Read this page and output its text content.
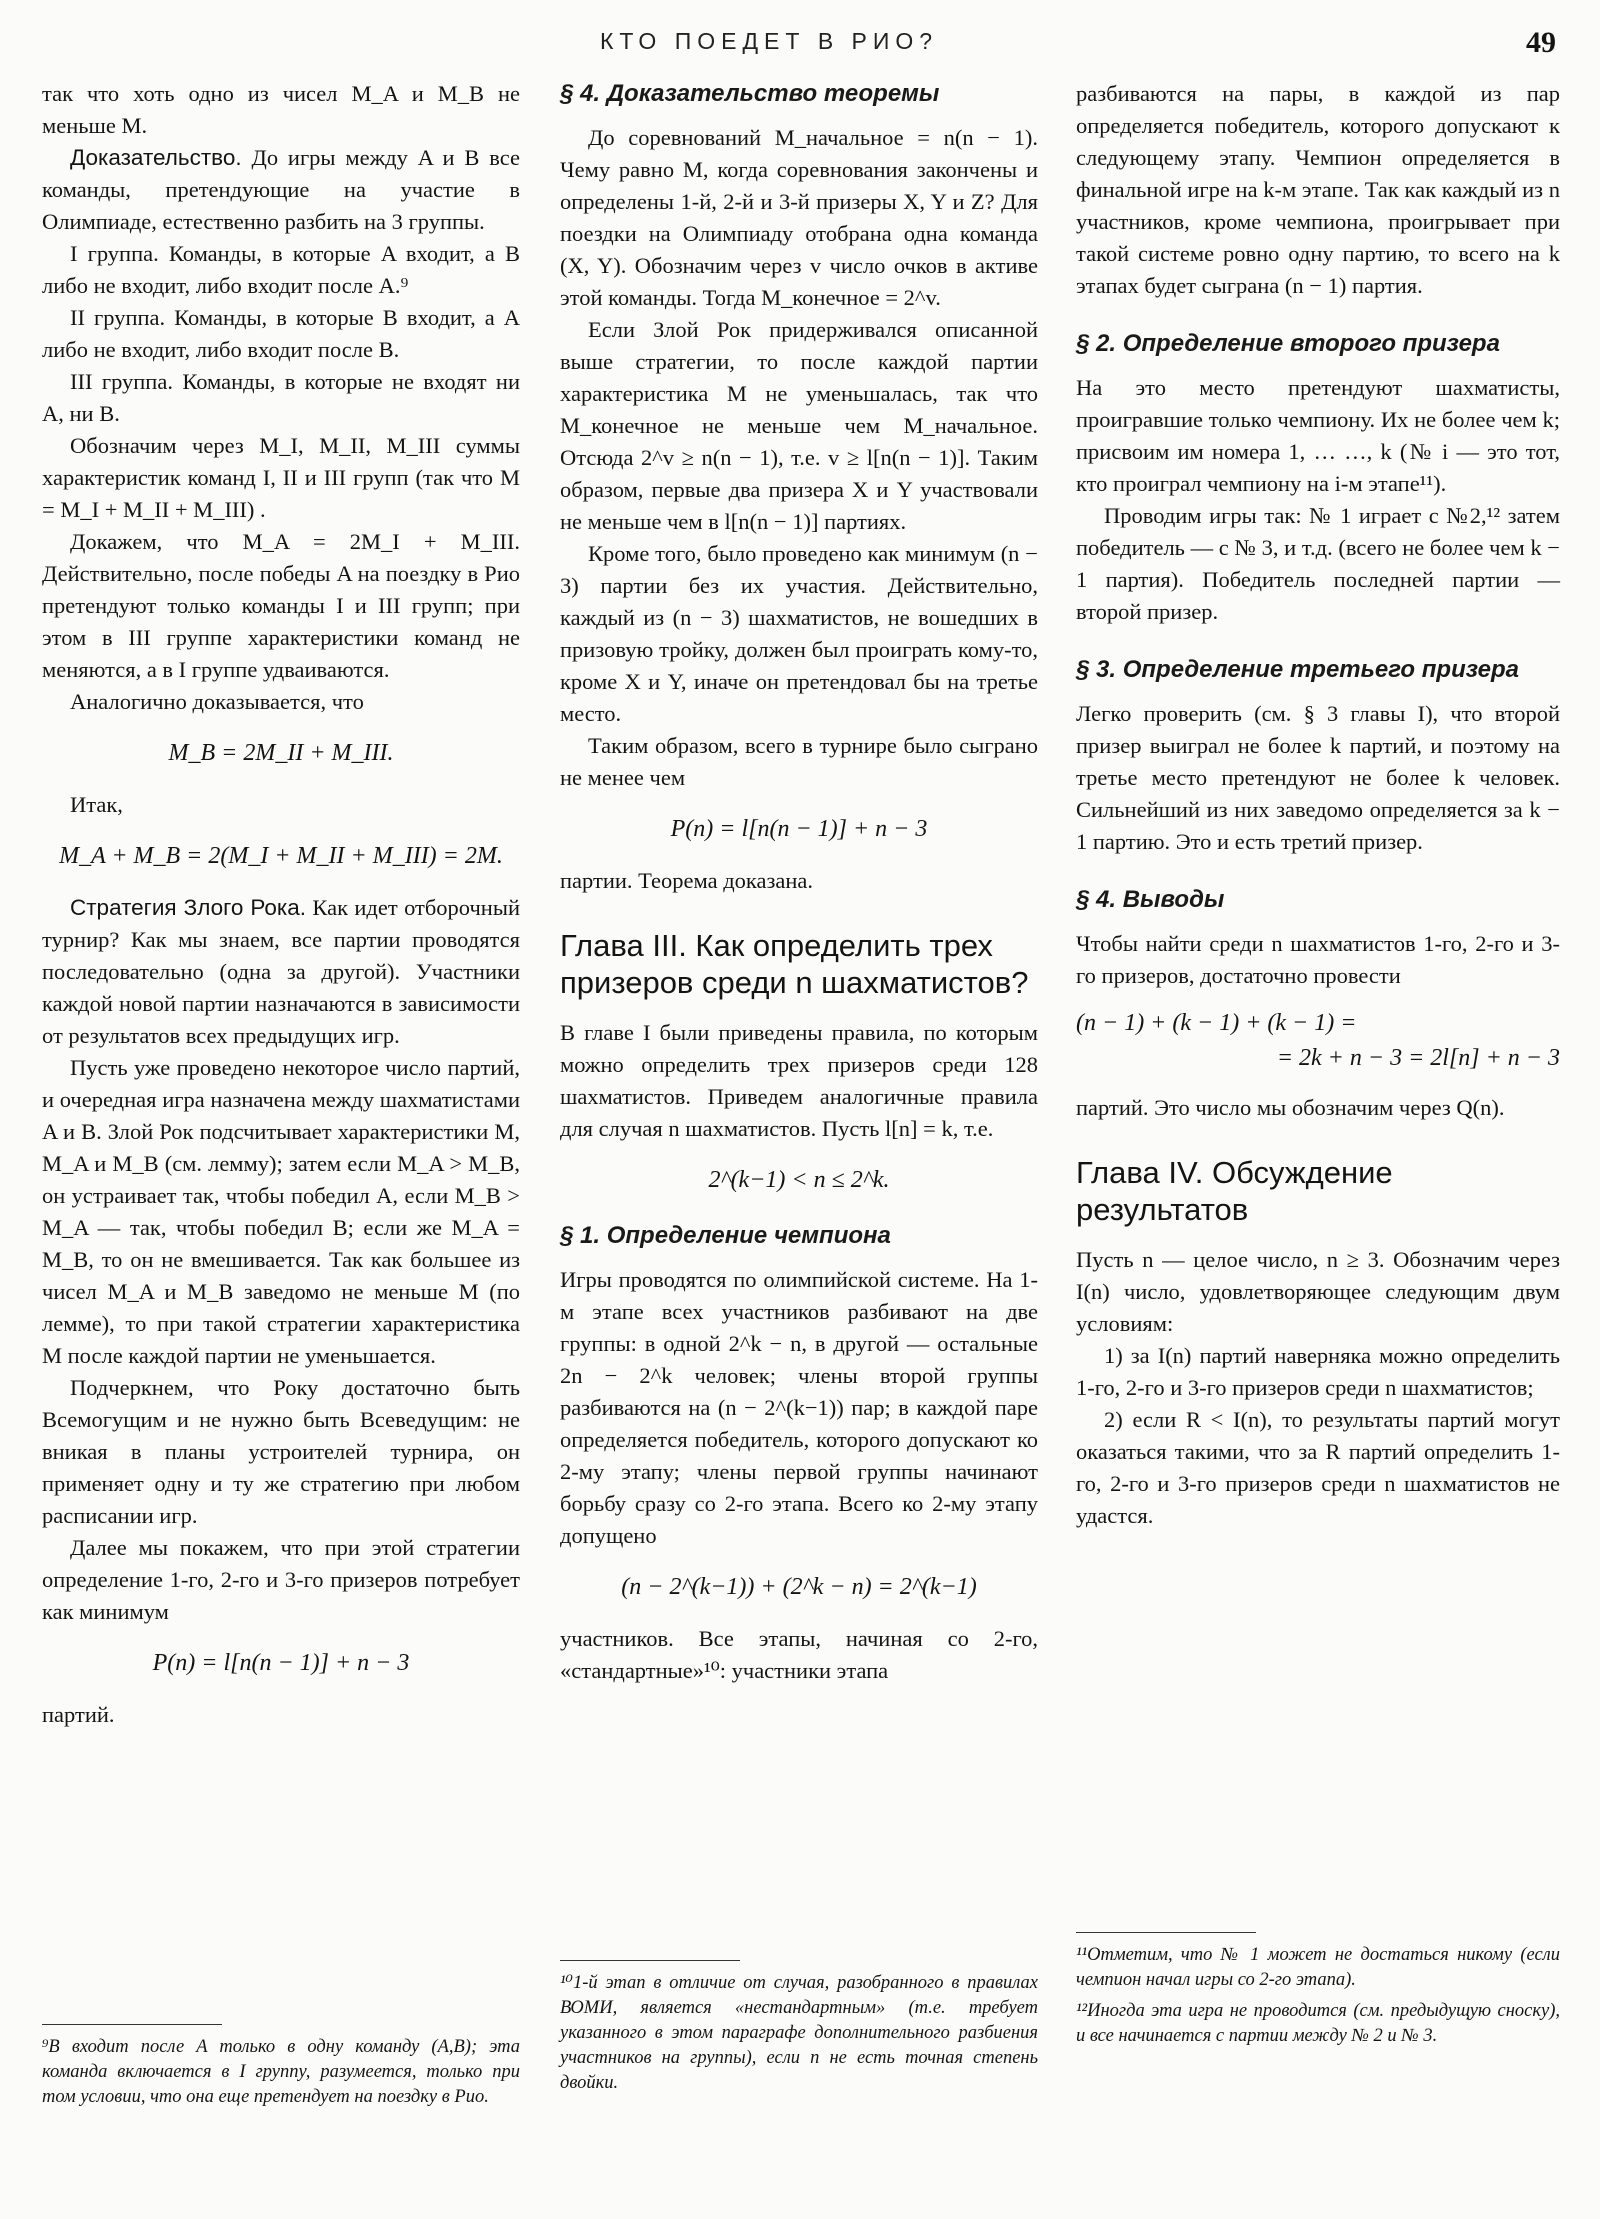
КТО ПОЕДЕТ В РИО?	49

так что хоть одно из чисел M_A и M_B не меньше M.

Доказательство. До игры между A и B все команды, претендующие на участие в Олимпиаде, естественно разбить на 3 группы.

I группа. Команды, в которые A входит, а B либо не входит, либо входит после A.⁹

II группа. Команды, в которые B входит, а A либо не входит, либо входит после B.

III группа. Команды, в которые не входят ни A, ни B.

Обозначим через M_I, M_II, M_III суммы характеристик команд I, II и III групп (так что M = M_I + M_II + M_III) .

Докажем, что M_A = 2M_I + M_III. Действительно, после победы A на поездку в Рио претендуют только команды I и III групп; при этом в III группе характеристики команд не меняются, а в I группе удваиваются.

Аналогично доказывается, что

M_B = 2M_II + M_III.

Итак,

M_A + M_B = 2(M_I + M_II + M_III) = 2M.

Стратегия Злого Рока. Как идет отборочный турнир? Как мы знаем, все партии проводятся последовательно (одна за другой). Участники каждой новой партии назначаются в зависимости от результатов всех предыдущих игр.

Пусть уже проведено некоторое число партий, и очередная игра назначена между шахматистами A и B. Злой Рок подсчитывает характеристики M, M_A и M_B (см. лемму); затем если M_A > M_B, он устраивает так, чтобы победил A, если M_B > M_A — так, чтобы победил B; если же M_A = M_B, то он не вмешивается. Так как большее из чисел M_A и M_B заведомо не меньше M (по лемме), то при такой стратегии характеристика M после каждой партии не уменьшается.

Подчеркнем, что Року достаточно быть Всемогущим и не нужно быть Всеведущим: не вникая в планы устроителей турнира, он применяет одну и ту же стратегию при любом расписании игр.

Далее мы покажем, что при этой стратегии определение 1-го, 2-го и 3-го призеров потребует как минимум

P(n) = l[n(n − 1)] + n − 3

партий.

⁹B входит после A только в одну команду (A,B); эта команда включается в I группу, разумеется, только при том условии, что она еще претендует на поездку в Рио.
§ 4. Доказательство теоремы

До соревнований M_начальное = n(n − 1). Чему равно M, когда соревнования закончены и определены 1-й, 2-й и 3-й призеры X, Y и Z? Для поездки на Олимпиаду отобрана одна команда (X, Y). Обозначим через v число очков в активе этой команды. Тогда M_конечное = 2^v.

Если Злой Рок придерживался описанной выше стратегии, то после каждой партии характеристика M не уменьшалась, так что M_конечное не меньше чем M_начальное. Отсюда 2^v ≥ n(n − 1), т.е. v ≥ l[n(n − 1)]. Таким образом, первые два призера X и Y участвовали не меньше чем в l[n(n − 1)] партиях.

Кроме того, было проведено как минимум (n − 3) партии без их участия. Действительно, каждый из (n − 3) шахматистов, не вошедших в призовую тройку, должен был проиграть кому-то, кроме X и Y, иначе он претендовал бы на третье место.

Таким образом, всего в турнире было сыграно не менее чем

P(n) = l[n(n − 1)] + n − 3

партии. Теорема доказана.

Глава III. Как определить трех призеров среди n шахматистов?

В главе I были приведены правила, по которым можно определить трех призеров среди 128 шахматистов. Приведем аналогичные правила для случая n шахматистов. Пусть l[n] = k, т.е.

2^(k−1) < n ≤ 2^k.
§ 1. Определение чемпиона

Игры проводятся по олимпийской системе. На 1-м этапе всех участников разбивают на две группы: в одной 2^k − n, в другой — остальные 2n − 2^k человек; члены второй группы разбиваются на (n − 2^(k−1)) пар; в каждой паре определяется победитель, которого допускают ко 2-му этапу; члены первой группы начинают борьбу сразу со 2-го этапа. Всего ко 2-му этапу допущено

(n − 2^(k−1)) + (2^k − n) = 2^(k−1)

участников. Все этапы, начиная со 2-го, «стандартные»¹⁰: участники этапа

¹⁰1-й этап в отличие от случая, разобранного в правилах ВОМИ, является «нестандартным» (т.е. требует указанного в этом параграфе дополнительного разбиения участников на группы), если n не есть точная степень двойки.

разбиваются на пары, в каждой из пар определяется победитель, которого допускают к следующему этапу. Чемпион определяется в финальной игре на k-м этапе. Так как каждый из n участников, кроме чемпиона, проигрывает при такой системе ровно одну партию, то всего на k этапах будет сыграна (n − 1) партия.

§ 2. Определение второго призера

На это место претендуют шахматисты, проигравшие только чемпиону. Их не более чем k; присвоим им номера 1, … …, k (№ i — это тот, кто проиграл чемпиону на i-м этапе¹¹).

Проводим игры так: № 1 играет с №2,¹² затем победитель — с № 3, и т.д. (всего не более чем k − 1 партия). Победитель последней партии — второй призер.

§ 3. Определение третьего призера

Легко проверить (см. § 3 главы I), что второй призер выиграл не более k партий, и поэтому на третье место претендуют не более k человек. Сильнейший из них заведомо определяется за k − 1 партию. Это и есть третий призер.

§ 4. Выводы

Чтобы найти среди n шахматистов 1-го, 2-го и 3-го призеров, достаточно провести

(n − 1) + (k − 1) + (k − 1) =
= 2k + n − 3 = 2l[n] + n − 3

партий. Это число мы обозначим через Q(n).

Глава IV. Обсуждение результатов

Пусть n — целое число, n ≥ 3. Обозначим через I(n) число, удовлетворяющее следующим двум условиям:

1) за I(n) партий наверняка можно определить 1-го, 2-го и 3-го призеров среди n шахматистов;

2) если R < I(n), то результаты партий могут оказаться такими, что за R партий определить 1-го, 2-го и 3-го призеров среди n шахматистов не удастся.

¹¹Отметим, что № 1 может не достаться никому (если чемпион начал игры со 2-го этапа).
¹²Иногда эта игра не проводится (см. предыдущую сноску), и все начинается с партии между № 2 и № 3.
